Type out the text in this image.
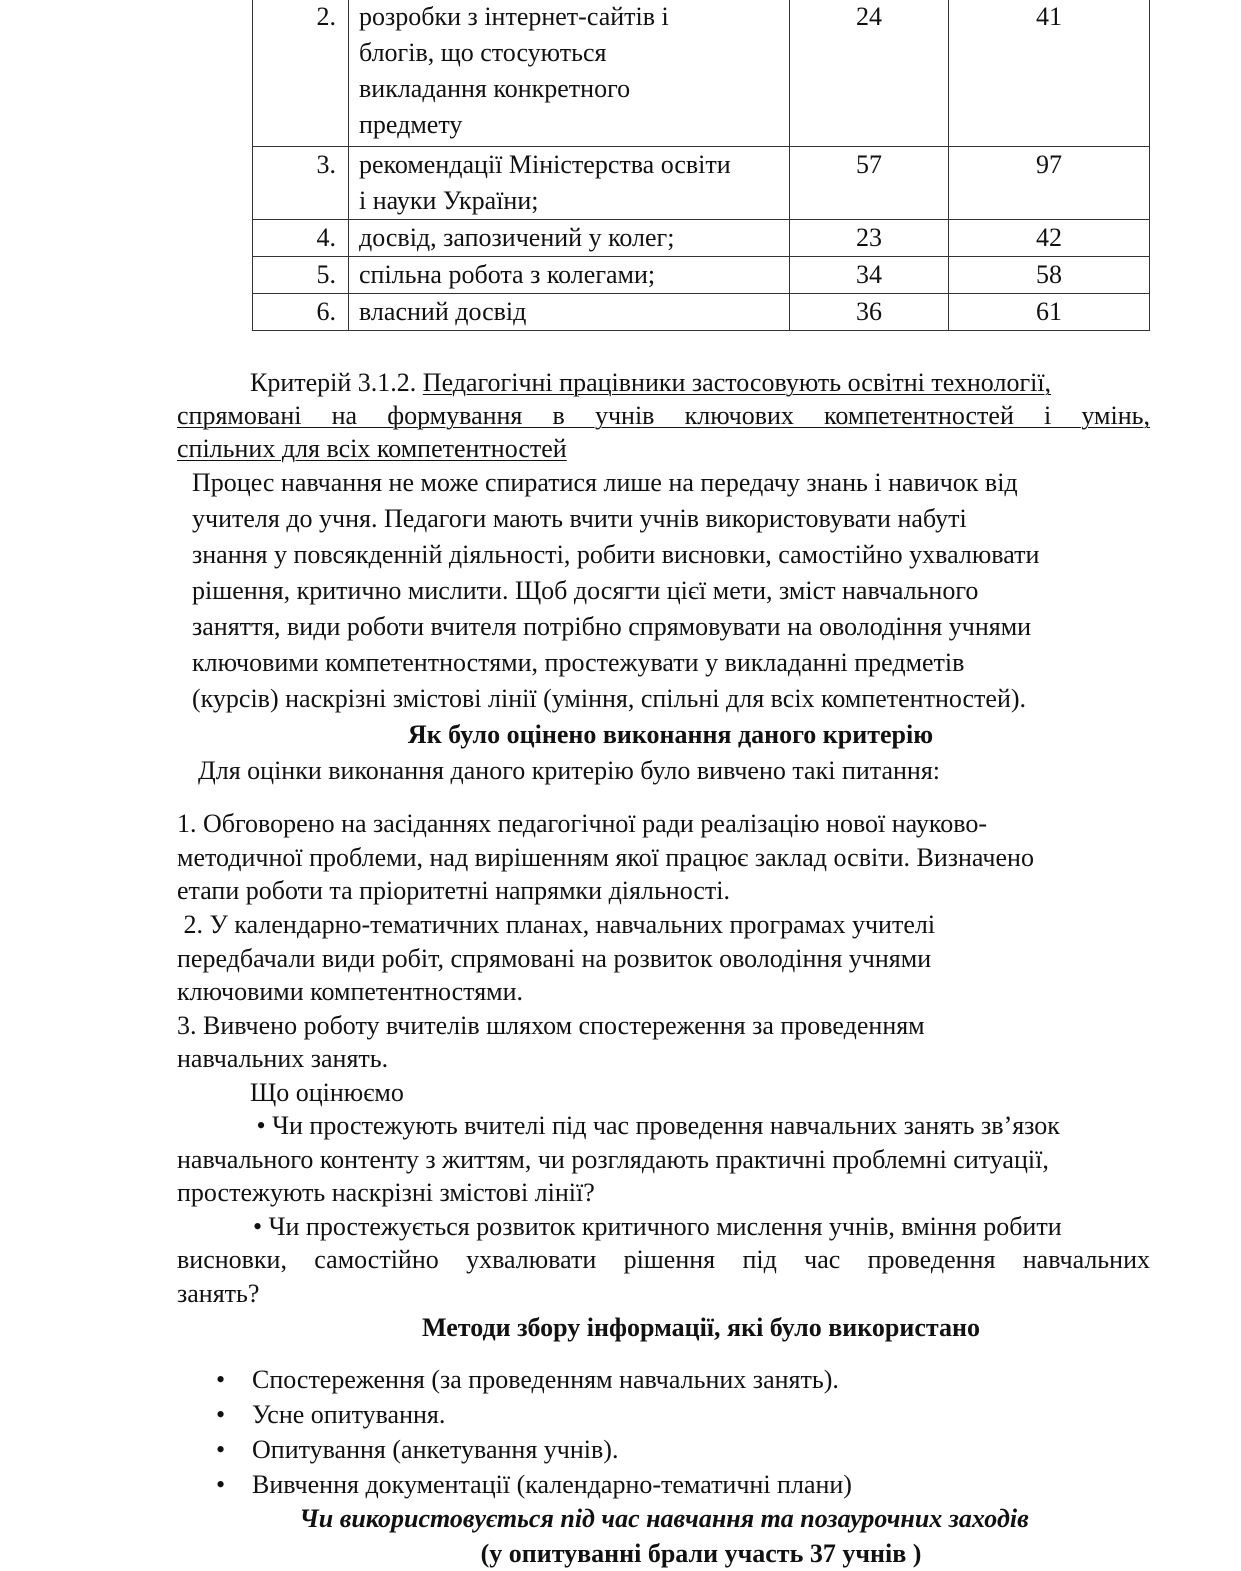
2.	розробки з інтернет-сайтів і
блогів, що стосуються
викладання конкретного
предмету	24	41
3.	рекомендації Міністерства освіти
і науки України;	57	97
4.	досвід, запозичений у колег;	23	42
5.	спільна робота з колегами;	34	58
6.	власний досвід	36	61
Критерій 3.1.2. Педагогічні працівники застосовують освітні технології,
спрямовані на формування в учнів ключових компетентностей і умінь,
спільних для всіх компетентностей
Процес навчання не може спиратися лише на передачу знань і навичок від
учителя до учня. Педагоги мають вчити учнів використовувати набуті
знання у повсякденній діяльності, робити висновки, самостійно ухвалювати
рішення, критично мислити. Щоб досягти цієї мети, зміст навчального
заняття, види роботи вчителя потрібно спрямовувати на оволодіння учнями
ключовими компетентностями, простежувати у викладанні предметів
(курсів) наскрізні змістові лінії (уміння, спільні для всіх компетентностей).
Як було оцінено виконання даного критерію
Для оцінки виконання даного критерію було вивчено такі питання:
1. Обговорено на засіданнях педагогічної ради реалізацію нової науково-
методичної проблеми, над вирішенням якої працює заклад освіти. Визначено
етапи роботи та пріоритетні напрямки діяльності.
2. У календарно-тематичних планах, навчальних програмах учителі
передбачали види робіт, спрямовані на розвиток оволодіння учнями
ключовими компетентностями.
3. Вивчено роботу вчителів шляхом спостереження за проведенням
навчальних занять.
Що оцінюємо
• Чи простежують вчителі під час проведення навчальних занять зв’язок
навчального контенту з життям, чи розглядають практичні проблемні ситуації,
простежують наскрізні змістові лінії?
• Чи простежується розвиток критичного мислення учнів, вміння робити
висновки, самостійно ухвалювати рішення під час проведення навчальних
занять?
Методи збору інформації, які було використано
• Спостереження (за проведенням навчальних занять).
• Усне опитування.
• Опитування (анкетування учнів).
• Вивчення документації (календарно-тематичні плани)
Чи використовується під час навчання та позаурочних заходів
(у опитуванні брали участь 37 учнів )
